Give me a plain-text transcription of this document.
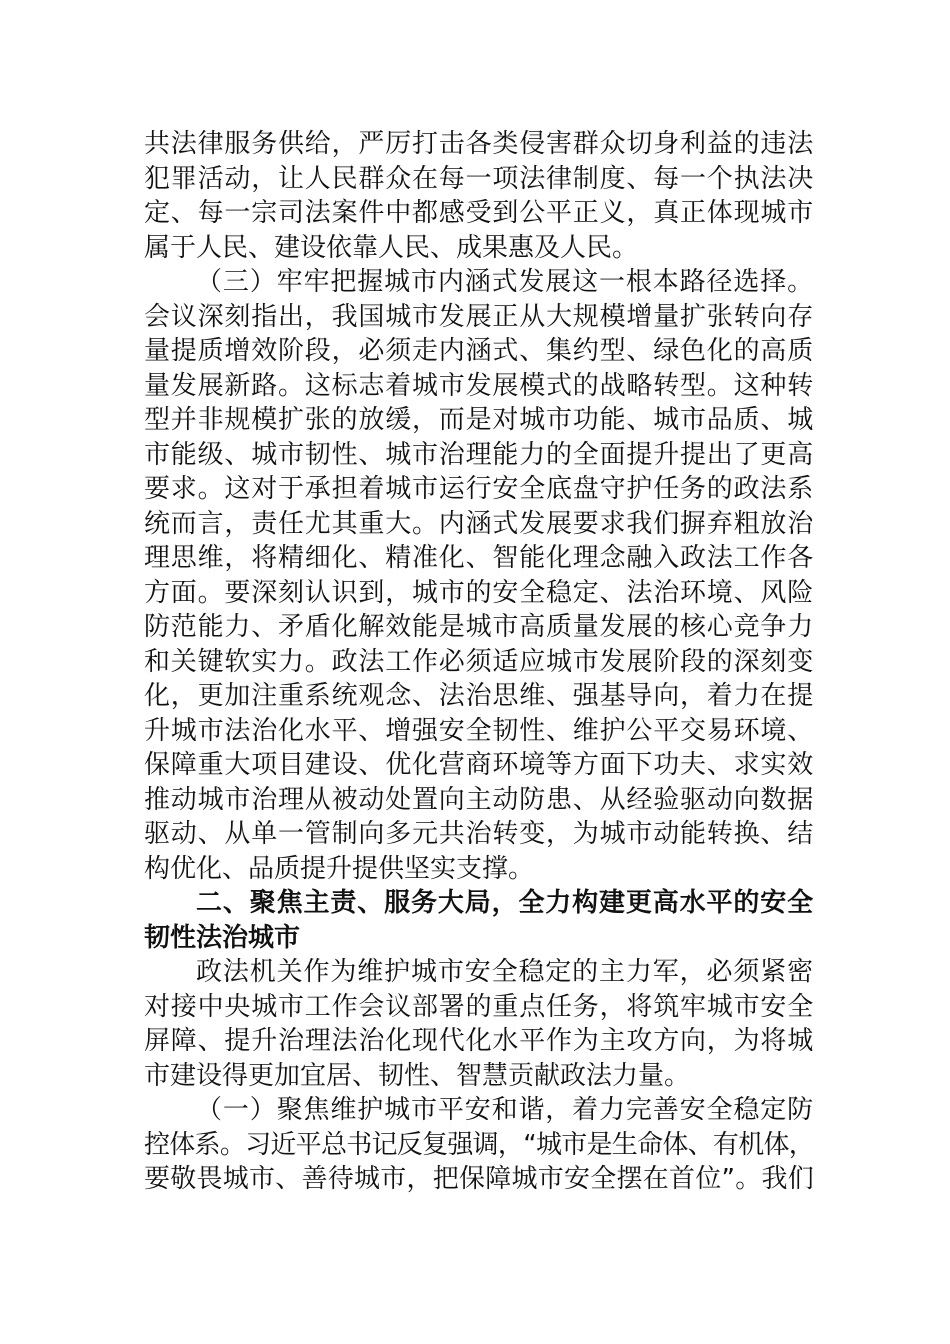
共法律服务供给，严厉打击各类侵害群众切身利益的违法
犯罪活动，让人民群众在每一项法律制度、每一个执法决
定、每一宗司法案件中都感受到公平正义，真正体现城市
属于人民、建设依靠人民、成果惠及人民。
（三）牢牢把握城市内涵式发展这一根本路径选择。
会议深刻指出，我国城市发展正从大规模增量扩张转向存
量提质增效阶段，必须走内涵式、集约型、绿色化的高质
量发展新路。这标志着城市发展模式的战略转型。这种转
型并非规模扩张的放缓，而是对城市功能、城市品质、城
市能级、城市韧性、城市治理能力的全面提升提出了更高
要求。这对于承担着城市运行安全底盘守护任务的政法系
统而言，责任尤其重大。内涵式发展要求我们摒弃粗放治
理思维，将精细化、精准化、智能化理念融入政法工作各
方面。要深刻认识到，城市的安全稳定、法治环境、风险
防范能力、矛盾化解效能是城市高质量发展的核心竞争力
和关键软实力。政法工作必须适应城市发展阶段的深刻变
化，更加注重系统观念、法治思维、强基导向，着力在提
升城市法治化水平、增强安全韧性、维护公平交易环境、
保障重大项目建设、优化营商环境等方面下功夫、求实效
推动城市治理从被动处置向主动防患、从经验驱动向数据
驱动、从单一管制向多元共治转变，为城市动能转换、结
构优化、品质提升提供坚实支撑。
二、聚焦主责、服务大局，全力构建更高水平的安全
韧性法治城市
政法机关作为维护城市安全稳定的主力军，必须紧密
对接中央城市工作会议部署的重点任务，将筑牢城市安全
屏障、提升治理法治化现代化水平作为主攻方向，为将城
市建设得更加宜居、韧性、智慧贡献政法力量。
（一）聚焦维护城市平安和谐，着力完善安全稳定防
控体系。习近平总书记反复强调，“城市是生命体、有机体，
要敬畏城市、善待城市，把保障城市安全摆在首位”。我们
